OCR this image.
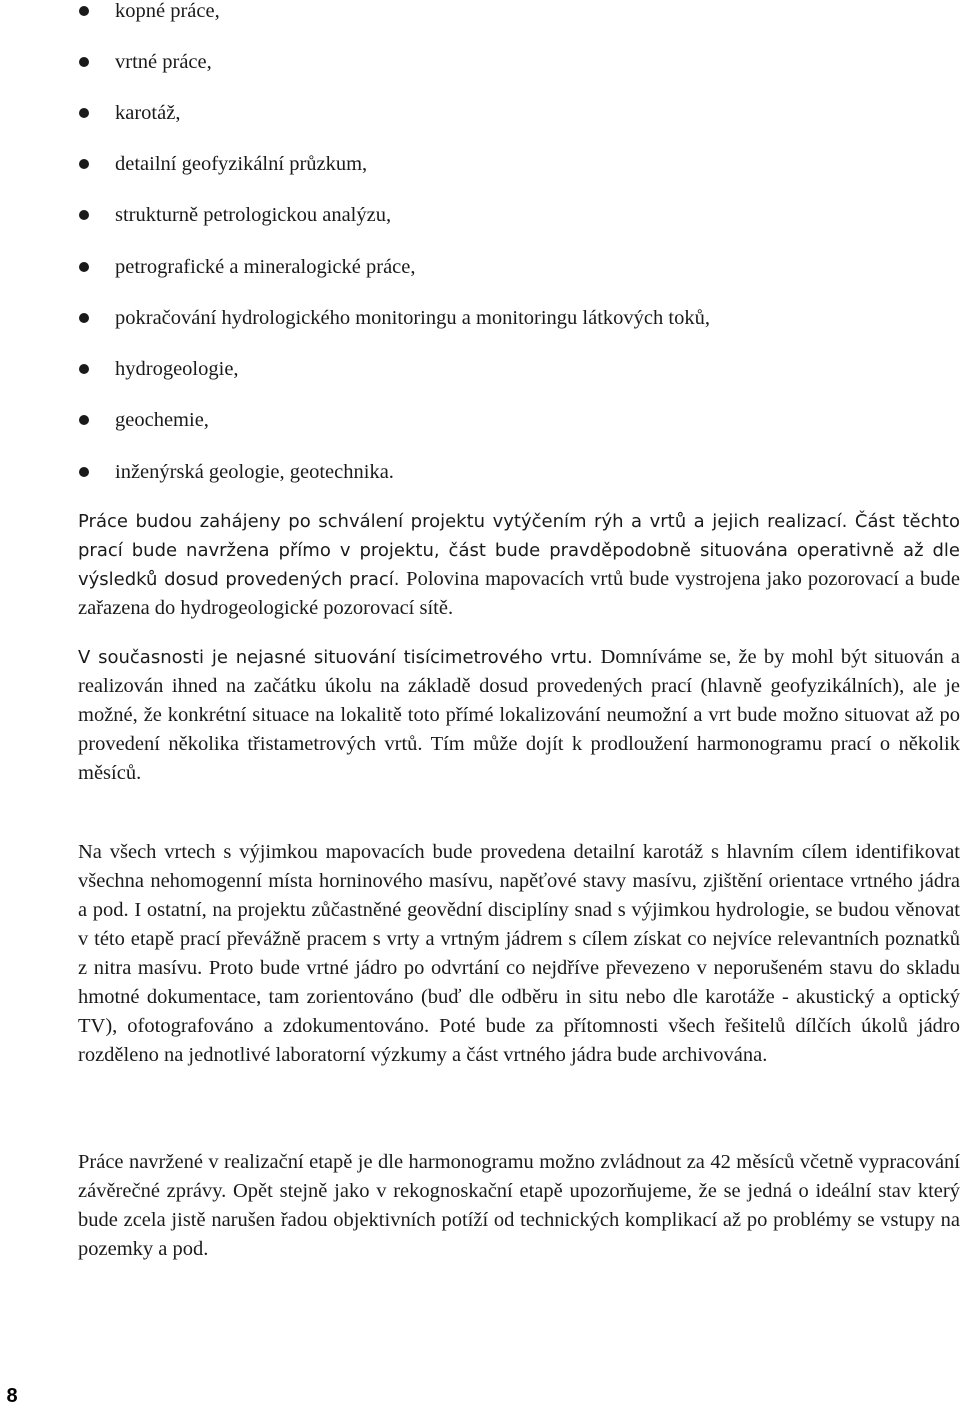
kopné práce,
vrtné práce,
karotáž,
detailní geofyzikální průzkum,
strukturně petrologickou analýzu,
petrografické a mineralogické práce,
pokračování hydrologického monitoringu a monitoringu látkových toků,
hydrogeologie,
geochemie,
inženýrská geologie, geotechnika.

Práce budou zahájeny po schválení projektu vytýčením rýh a vrtů a jejich realizací. Část těchto prací bude navržena přímo v projektu, část bude pravděpodobně situována operativně až dle výsledků dosud provedených prací. Polovina mapovacích vrtů bude vystrojena jako pozorovací a bude zařazena do hydrogeologické pozorovací sítě.

V současnosti je nejasné situování tisícimetrového vrtu. Domníváme se, že by mohl být situován a realizován ihned na začátku úkolu na základě dosud provedených prací (hlavně geofyzikálních), ale je možné, že konkrétní situace na lokalitě toto přímé lokalizování neumožní a vrt bude možno situovat až po provedení několika třistametrových vrtů. Tím může dojít k prodloužení harmonogramu prací o několik měsíců.

Na všech vrtech s výjimkou mapovacích bude provedena detailní karotáž s hlavním cílem identifikovat všechna nehomogenní místa horninového masívu, napěťové stavy masívu, zjištění orientace vrtného jádra a pod. I ostatní, na projektu zůčastněné geovědní disciplíny snad s výjimkou hydrologie, se budou věnovat v této etapě prací převážně pracem s vrty a vrtným jádrem s cílem získat co nejvíce relevantních poznatků z nitra masívu. Proto bude vrtné jádro po odvrtání co nejdříve převezeno v neporušeném stavu do skladu hmotné dokumentace, tam zorientováno (buď dle odběru in situ nebo dle karotáže - akustický a optický TV), ofotografováno a zdokumentováno. Poté bude za přítomnosti všech řešitelů dílčích úkolů jádro rozděleno na jednotlivé laboratorní výzkumy a část vrtného jádra bude archivována.

Práce navržené v realizační etapě je dle harmonogramu možno zvládnout za 42 měsíců včetně vypracování závěrečné zprávy. Opět stejně jako v rekognoskační etapě upozorňujeme, že se jedná o ideální stav který bude zcela jistě narušen řadou objektivních potíží od technických komplikací až po problémy se vstupy na pozemky a pod.

8
